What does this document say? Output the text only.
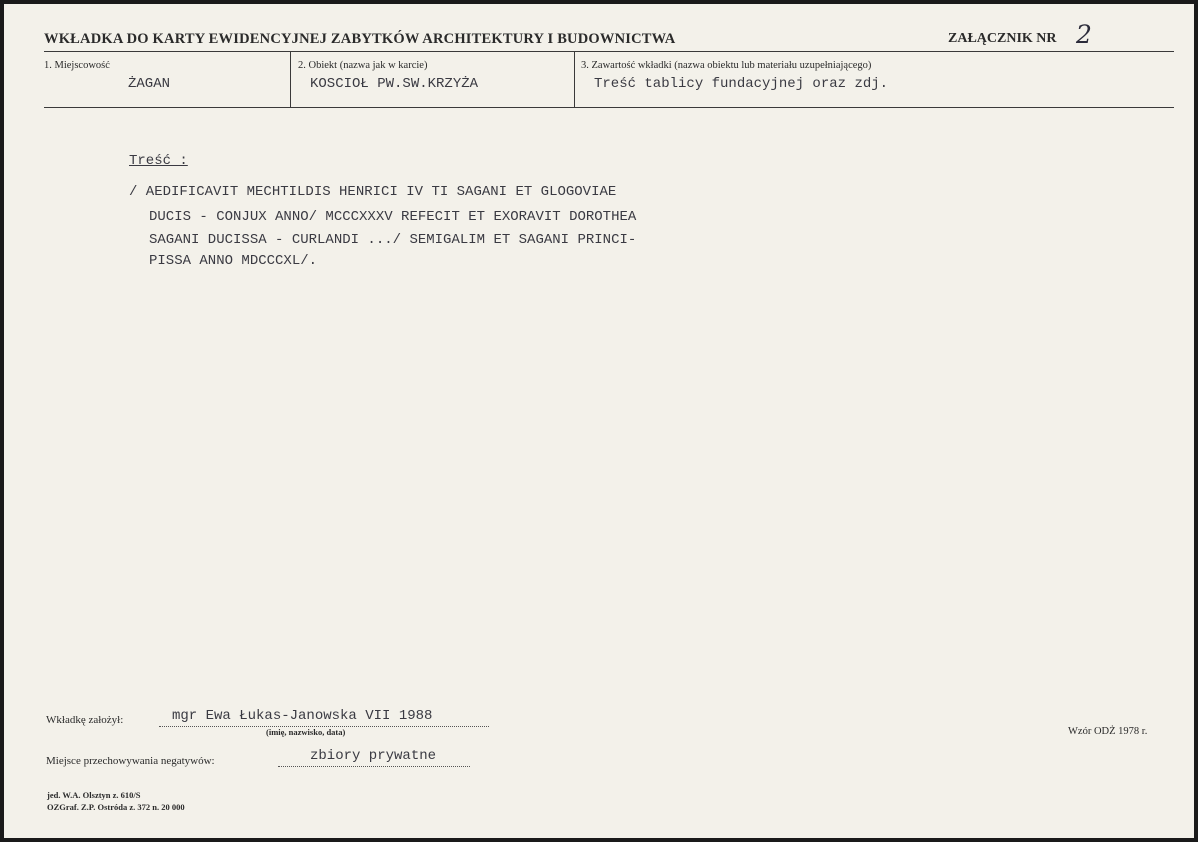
WKŁADKA DO KARTY EWIDENCYJNEJ ZABYTKÓW ARCHITEKTURY I BUDOWNICTWA	ZAŁĄCZNIK NR 2
1. Miejscowość
ŻAGAN
2. Obiekt (nazwa jak w karcie)
KOSCIOŁ PW.SW.KRZYŻA
3. Zawartość wkładki (nazwa obiektu lub materiału uzupełniającego)
Treść tablicy fundacyjnej oraz zdj.
Treść :
/ AEDIFICAVIT MECHTILDIS HENRICI IV TI SAGANI ET GLOGOVIAE
DUCIS - CONJUX ANNO/ MCCCXXXV REFECIT ET EXORAVIT DOROTHEA
SAGANI DUCISSA - CURLANDI .../ SEMIGALIM ET SAGANI PRINCI-
PISSA ANNO MDCCCXL/.
Wkładkę założył:	mgr Ewa Łukas-Janowska VII 1988
(imię, nazwisko, data)
Miejsce przechowywania negatywów:	zbiory prywatne
Wzór ODŻ 1978 r.
jed. W.A. Olsztyn z. 610/S
OZGraf. Z.P. Ostróda z. 372 n. 20 000
